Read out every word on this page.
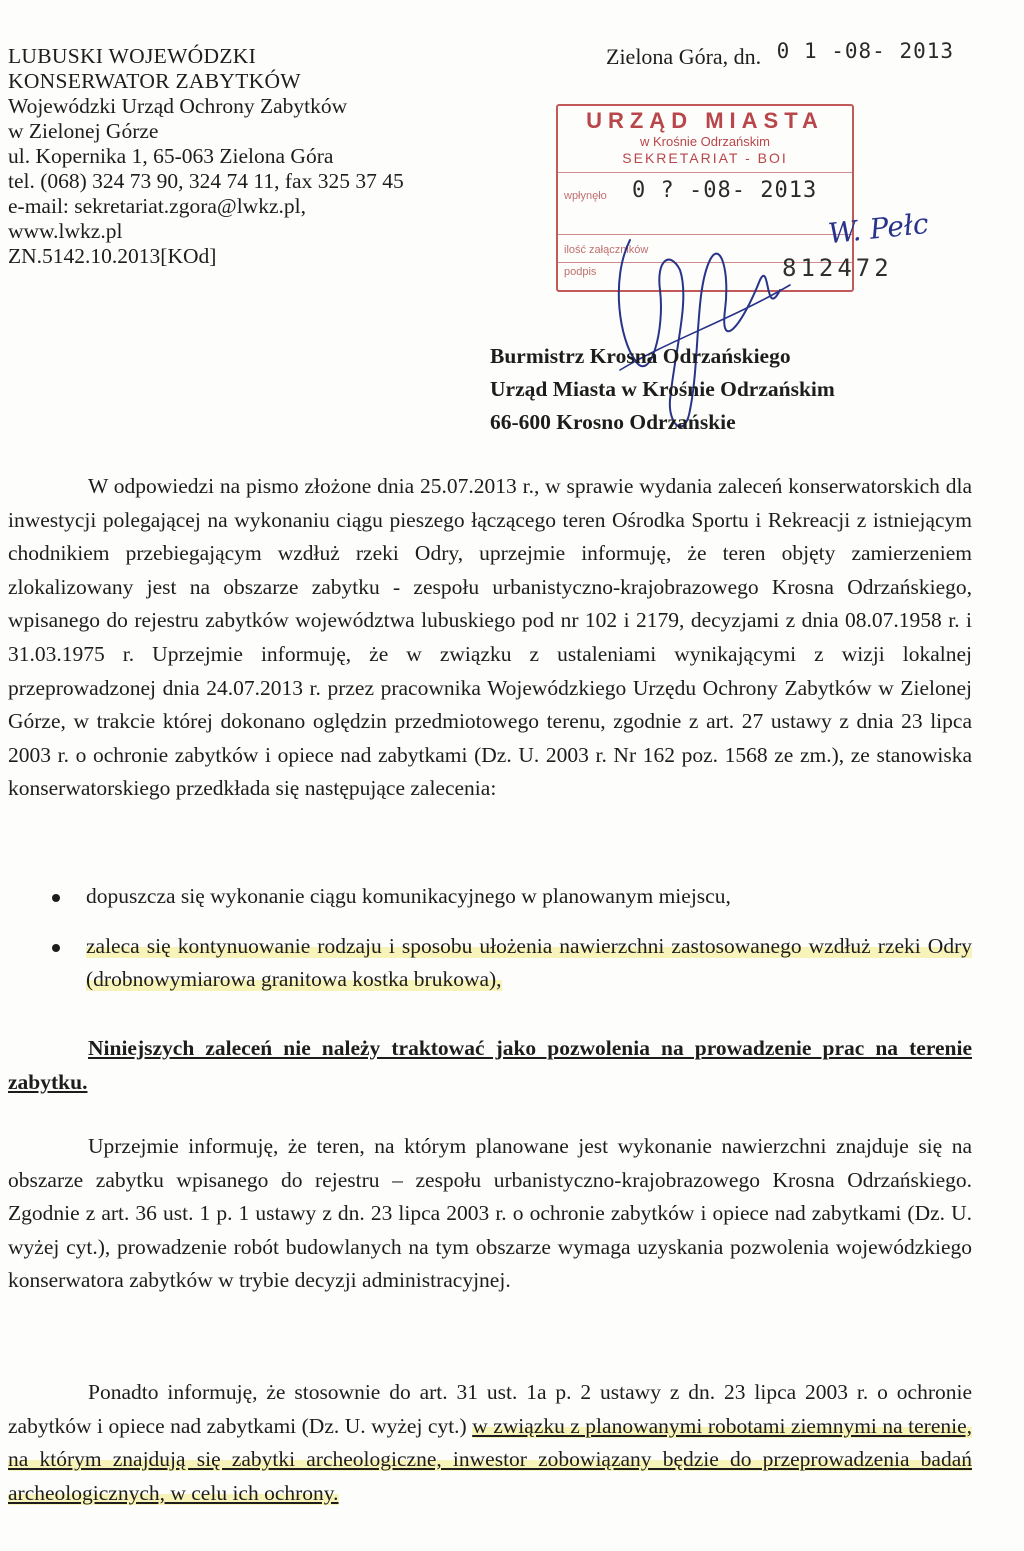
LUBUSKI WOJEWÓDZKI
KONSERWATOR ZABYTKÓW
Wojewódzki Urząd Ochrony Zabytków
w Zielonej Górze
ul. Kopernika 1, 65-063 Zielona Góra
tel. (068) 324 73 90, 324 74 11, fax 325 37 45
e-mail: sekretariat.zgora@lwkz.pl,
www.lwkz.pl
ZN.5142.10.2013[KOd]
Zielona Góra, dn. 0 1 -08- 2013
URZĄD MIASTA
w Krośnie Odrzańskim
SEKRETARIAT - BOI
wpłynęło 0 ? -08- 2013
ilość załączników
podpis	812472
W. Pełc
Burmistrz Krosna Odrzańskiego
Urząd Miasta w Krośnie Odrzańskim
66-600 Krosno Odrzańskie
W odpowiedzi na pismo złożone dnia 25.07.2013 r., w sprawie wydania zaleceń konserwatorskich dla inwestycji polegającej na wykonaniu ciągu pieszego łączącego teren Ośrodka Sportu i Rekreacji z istniejącym chodnikiem przebiegającym wzdłuż rzeki Odry, uprzejmie informuję, że teren objęty zamierzeniem zlokalizowany jest na obszarze zabytku - zespołu urbanistyczno-krajobrazowego Krosna Odrzańskiego, wpisanego do rejestru zabytków województwa lubuskiego pod nr 102 i 2179, decyzjami z dnia 08.07.1958 r. i 31.03.1975 r. Uprzejmie informuję, że w związku z ustaleniami wynikającymi z wizji lokalnej przeprowadzonej dnia 24.07.2013 r. przez pracownika Wojewódzkiego Urzędu Ochrony Zabytków w Zielonej Górze, w trakcie której dokonano oględzin przedmiotowego terenu, zgodnie z art. 27 ustawy z dnia 23 lipca 2003 r. o ochronie zabytków i opiece nad zabytkami (Dz. U. 2003 r. Nr 162 poz. 1568 ze zm.), ze stanowiska konserwatorskiego przedkłada się następujące zalecenia:
dopuszcza się wykonanie ciągu komunikacyjnego w planowanym miejscu,
zaleca się kontynuowanie rodzaju i sposobu ułożenia nawierzchni zastosowanego wzdłuż rzeki Odry (drobnowymiarowa granitowa kostka brukowa),
Niniejszych zaleceń nie należy traktować jako pozwolenia na prowadzenie prac na terenie zabytku.
Uprzejmie informuję, że teren, na którym planowane jest wykonanie nawierzchni znajduje się na obszarze zabytku wpisanego do rejestru – zespołu urbanistyczno-krajobrazowego Krosna Odrzańskiego. Zgodnie z art. 36 ust. 1 p. 1 ustawy z dn. 23 lipca 2003 r. o ochronie zabytków i opiece nad zabytkami (Dz. U. wyżej cyt.), prowadzenie robót budowlanych na tym obszarze wymaga uzyskania pozwolenia wojewódzkiego konserwatora zabytków w trybie decyzji administracyjnej.
Ponadto informuję, że stosownie do art. 31 ust. 1a p. 2 ustawy z dn. 23 lipca 2003 r. o ochronie zabytków i opiece nad zabytkami (Dz. U. wyżej cyt.) w związku z planowanymi robotami ziemnymi na terenie, na którym znajdują się zabytki archeologiczne, inwestor zobowiązany będzie do przeprowadzenia badań archeologicznych, w celu ich ochrony.
